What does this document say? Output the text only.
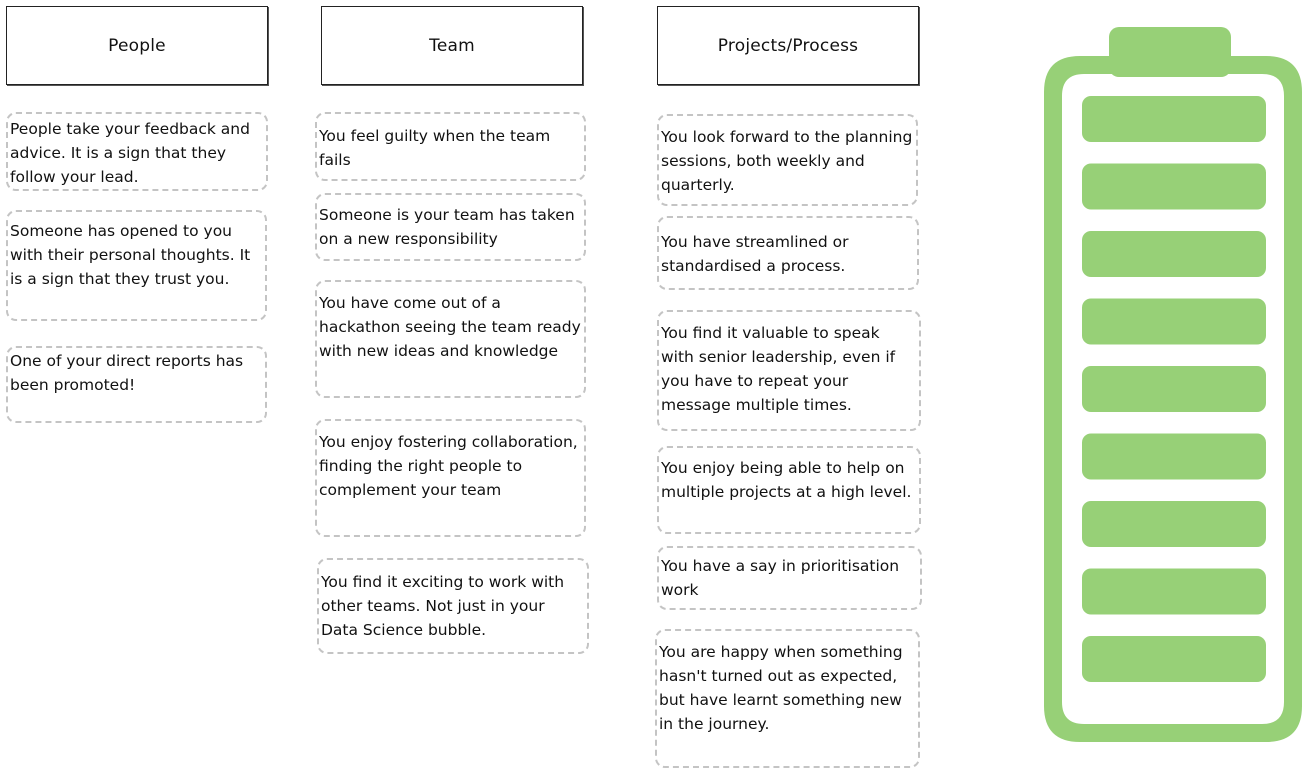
People	Team	Projects/Process
People take your feedback and advice. It is a sign that they follow your lead.
Someone has opened to you with their personal thoughts. It is a sign that they trust you.
One of your direct reports has been promoted!
You feel guilty when the team fails
Someone is your team has taken on a new responsibility
You have come out of a hackathon seeing the team ready with new ideas and knowledge
You enjoy fostering collaboration, finding the right people to complement your team
You find it exciting to work with other teams. Not just in your Data Science bubble.
You look forward to the planning sessions, both weekly and quarterly.
You have streamlined or standardised a process.
You find it valuable to speak with senior leadership, even if you have to repeat your message multiple times.
You enjoy being able to help on multiple projects at a high level.
You have a say in prioritisation work
You are happy when something hasn't turned out as expected, but have learnt something new in the journey.
